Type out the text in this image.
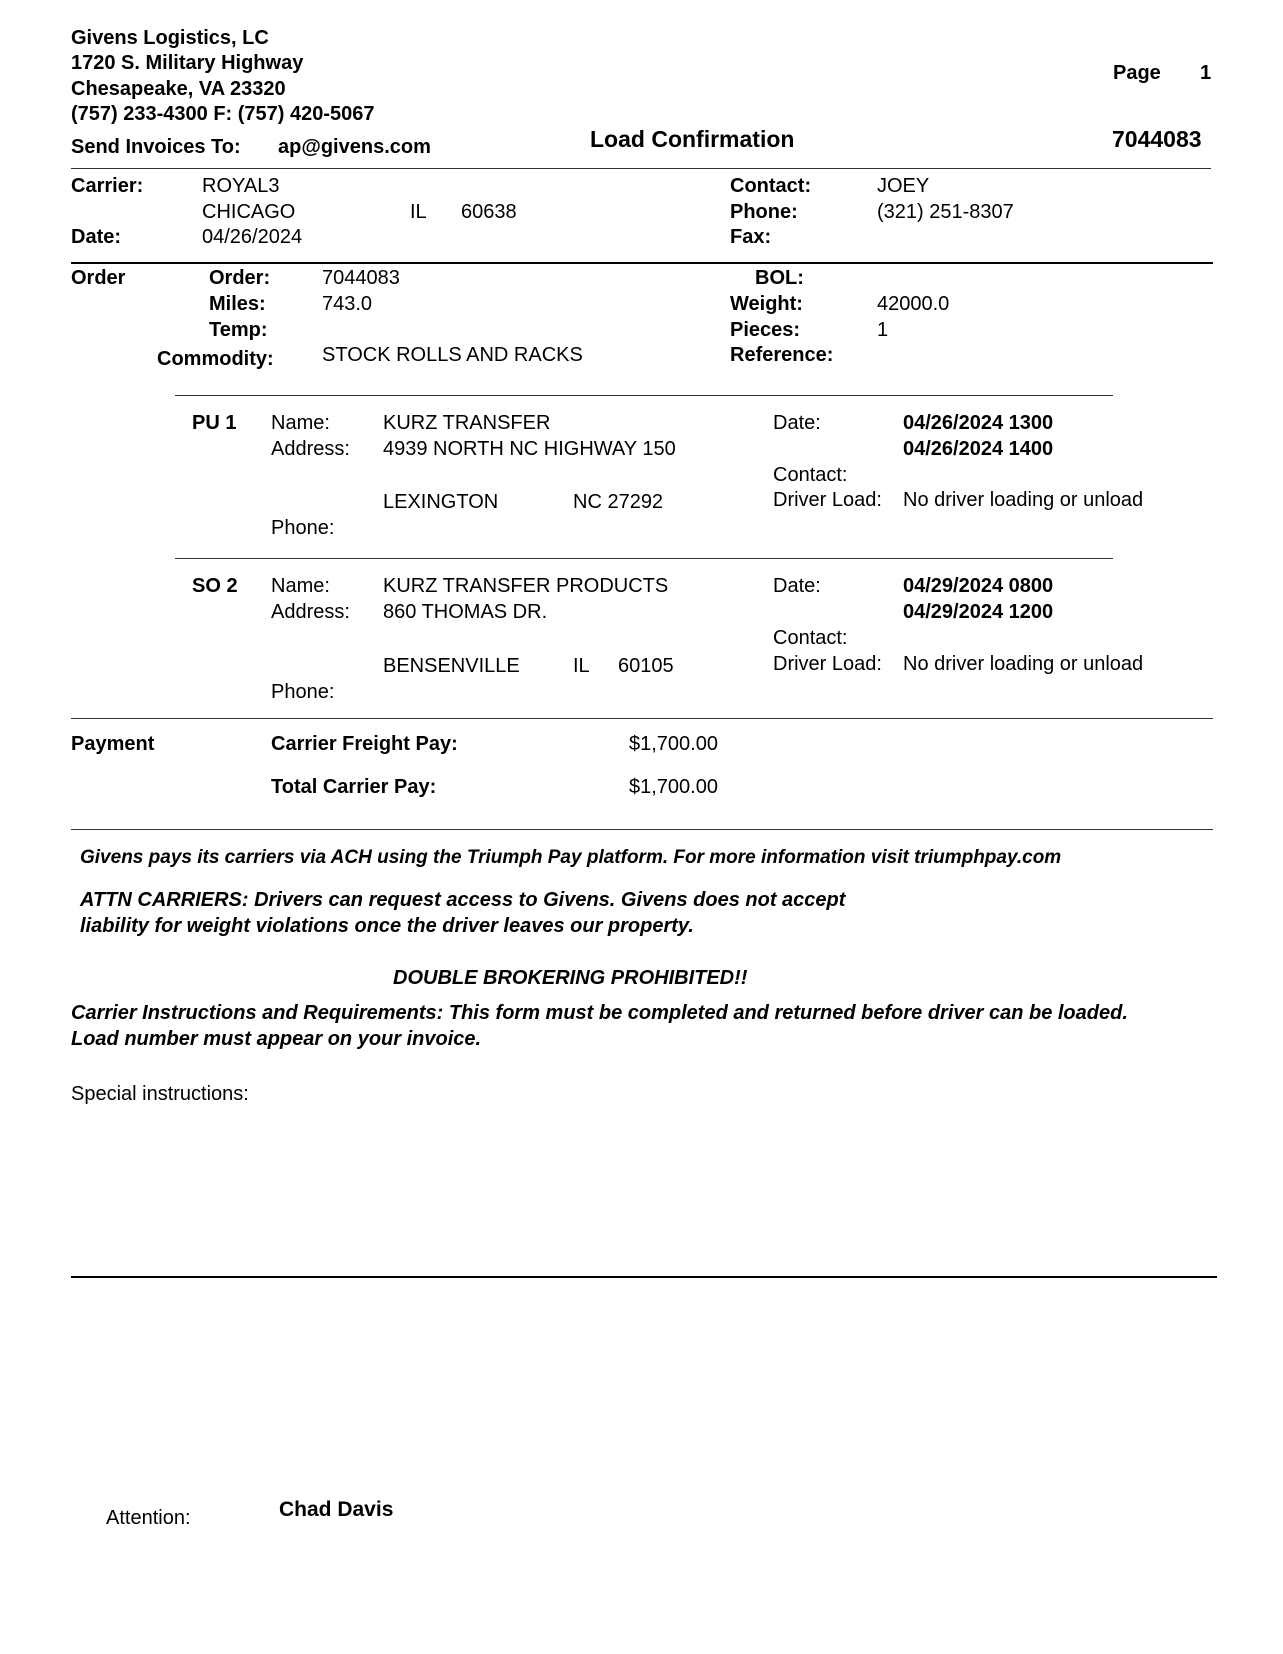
Givens Logistics, LC
1720 S. Military Highway
Chesapeake, VA 23320
(757) 233-4300 F: (757) 420-5067
Send Invoices To: ap@givens.com
Page 1
Load Confirmation	7044083
Carrier:	ROYAL3
CHICAGO	IL 60638
Date:	04/26/2024
Contact:	JOEY
Phone:	(321) 251-8307
Fax:
Order	Order:	7044083
Miles:	743.0
Temp:
Commodity: STOCK ROLLS AND RACKS
BOL:
Weight:	42000.0
Pieces:	1
Reference:
PU 1 Name:	KURZ TRANSFER
Address: 4939 NORTH NC HIGHWAY 150
LEXINGTON	NC 27292
Phone:
Date:	04/26/2024 1300
04/26/2024 1400
Contact:
Driver Load: No driver loading or unload
SO 2 Name:	KURZ TRANSFER PRODUCTS
Address: 860 THOMAS DR.
BENSENVILLE	IL 60105
Phone:
Date:	04/29/2024 0800
04/29/2024 1200
Contact:
Driver Load: No driver loading or unload
Payment	Carrier Freight Pay:	$1,700.00
Total Carrier Pay:	$1,700.00
Givens pays its carriers via ACH using the Triumph Pay platform. For more information visit triumphpay.com
ATTN CARRIERS: Drivers can request access to Givens. Givens does not accept
liability for weight violations once the driver leaves our property.
DOUBLE BROKERING PROHIBITED!!
Carrier Instructions and Requirements: This form must be completed and returned before driver can be loaded.
Load number must appear on your invoice.
Special instructions:
Attention:	Chad Davis
